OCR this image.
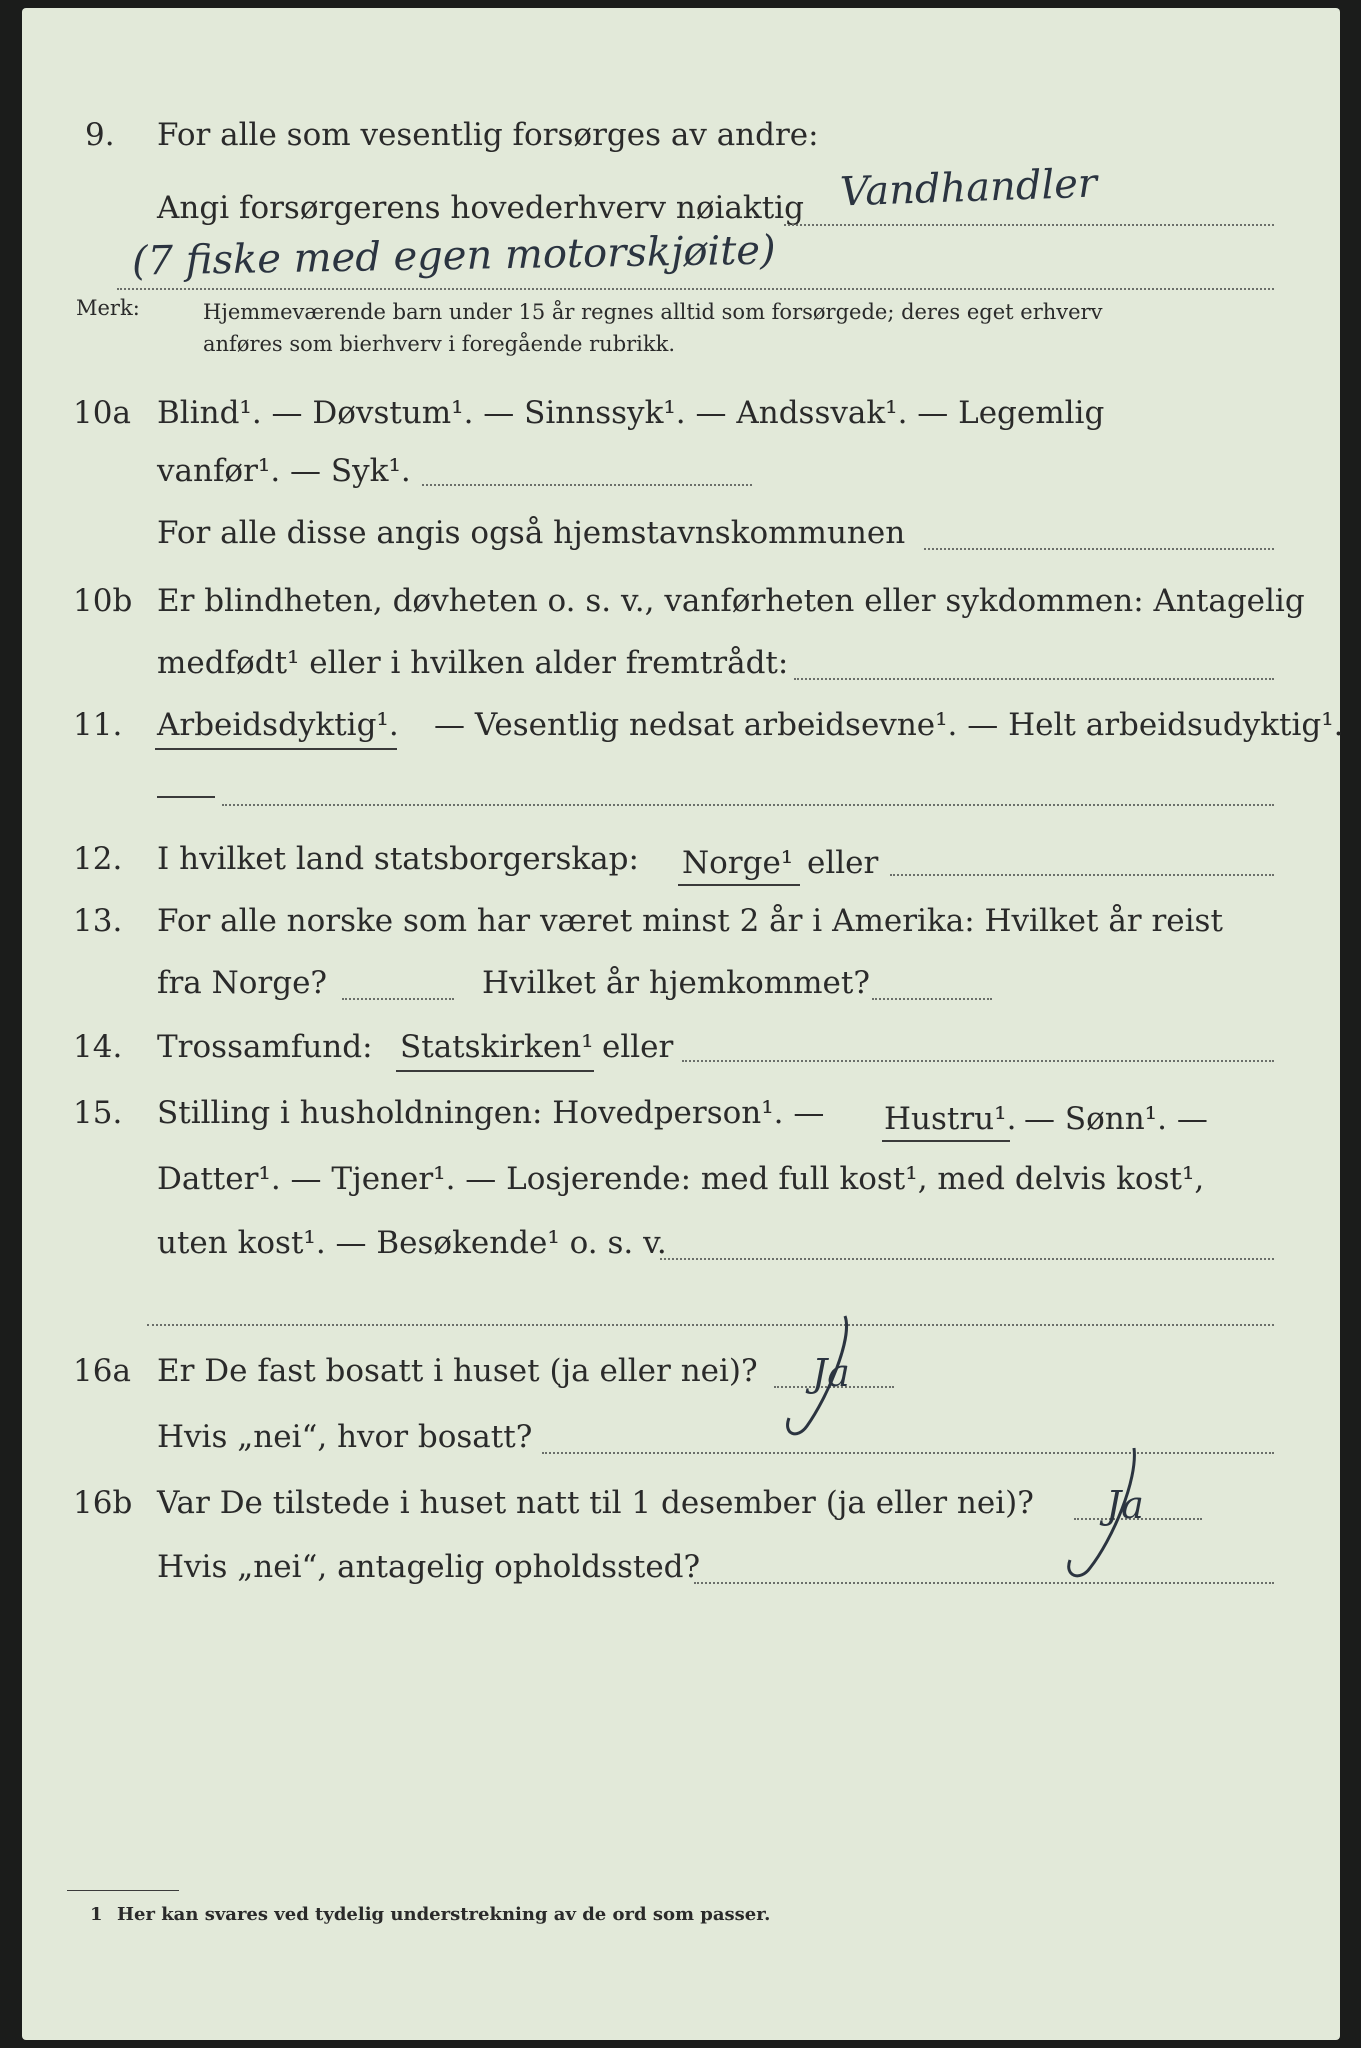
9. For alle som vesentlig forsørges av andre:
Angi forsørgerens hovederhverv nøiaktig Vandhandler
(7 fiske med egen motorskjøite)
Merk:	Hjemmeværende barn under 15 år regnes alltid som forsørgede; deres eget erhverv
anføres som bierhverv i foregående rubrikk.
10a Blind¹. — Døvstum¹. — Sinnssyk¹. — Andssvak¹. — Legemlig
vanfør¹. — Syk¹.
For alle disse angis også hjemstavnskommunen
10b Er blindheten, døvheten o. s. v., vanførheten eller sykdommen: Antagelig
medfødt¹ eller i hvilken alder fremtrådt:
11. Arbeidsdyktig¹. — Vesentlig nedsat arbeidsevne¹. — Helt arbeidsudyktig¹.
12. I hvilket land statsborgerskap: Norge¹ eller
13. For alle norske som har været minst 2 år i Amerika: Hvilket år reist
fra Norge?	Hvilket år hjemkommet?
14. Trossamfund: Statskirken¹ eller
15. Stilling i husholdningen: Hovedperson¹. — Hustru¹. — Sønn¹. —
Datter¹. — Tjener¹. — Losjerende: med full kost¹, med delvis kost¹,
uten kost¹. — Besøkende¹ o. s. v.
16a Er De fast bosatt i huset (ja eller nei)? Ja
Hvis „nei“, hvor bosatt?
16b Var De tilstede i huset natt til 1 desember (ja eller nei)? Ja
Hvis „nei“, antagelig opholdssted?
1 Her kan svares ved tydelig understrekning av de ord som passer.
